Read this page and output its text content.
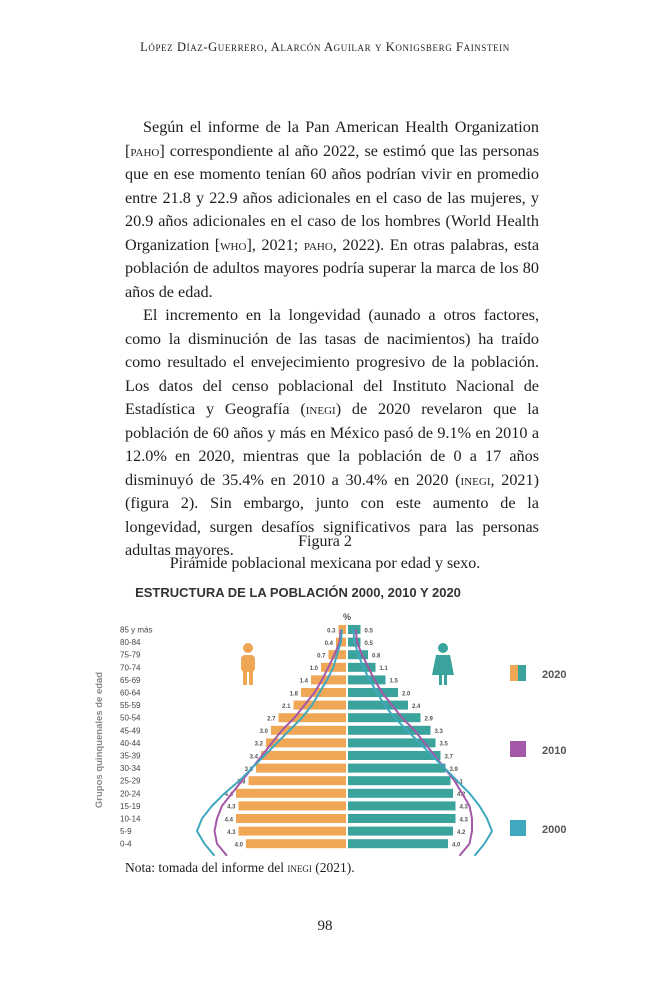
López Díaz-Guerrero, Alarcón Aguilar y Konigsberg Fainstein

Según el informe de la Pan American Health Organization [paho] correspondiente al año 2022, se estimó que las personas que en ese momento tenían 60 años podrían vivir en promedio entre 21.8 y 22.9 años adicionales en el caso de las mujeres, y 20.9 años adicionales en el caso de los hombres (World Health Organization [who], 2021; paho, 2022). En otras palabras, esta población de adultos mayores podría superar la marca de los 80 años de edad.

El incremento en la longevidad (aunado a otros factores, como la disminución de las tasas de nacimientos) ha traído como resultado el envejecimiento progresivo de la población. Los datos del censo poblacional del Instituto Nacional de Estadística y Geografía (inegi) de 2020 revelaron que la población de 60 años y más en México pasó de 9.1% en 2010 a 12.0% en 2020, mientras que la población de 0 a 17 años disminuyó de 35.4% en 2010 a 30.4% en 2020 (inegi, 2021) (figura 2). Sin embargo, junto con este aumento de la longevidad, surgen desafíos significativos para las personas adultas mayores.	Figura 2
Pirámide poblacional mexicana por edad y sexo.
ESTRUCTURA DE LA POBLACIÓN 2000, 2010 Y 2020
%
Grupos quinquenales de edad
85 y más	0.3	0.5
80-84	0.4	0.5
75-79	0.7	0.8
70-74	1.0	1.1
65-69	1.4	1.5
60-64	1.8	2.0
55-59	2.1	2.4
50-54	2.7	2.9
45-49	3.0	3.3
40-44	3.2	3.5
35-39	3.4	3.7
30-34	3.6	3.9
25-29	3.9	4.1
20-24	4.4	4.2
15-19	4.3	4.3
10-14	4.4	4.3
5-9	4.3	4.2
0-4	4.0	4.0
2020
2010
2000
Nota: tomada del informe del inegi (2021).
98
